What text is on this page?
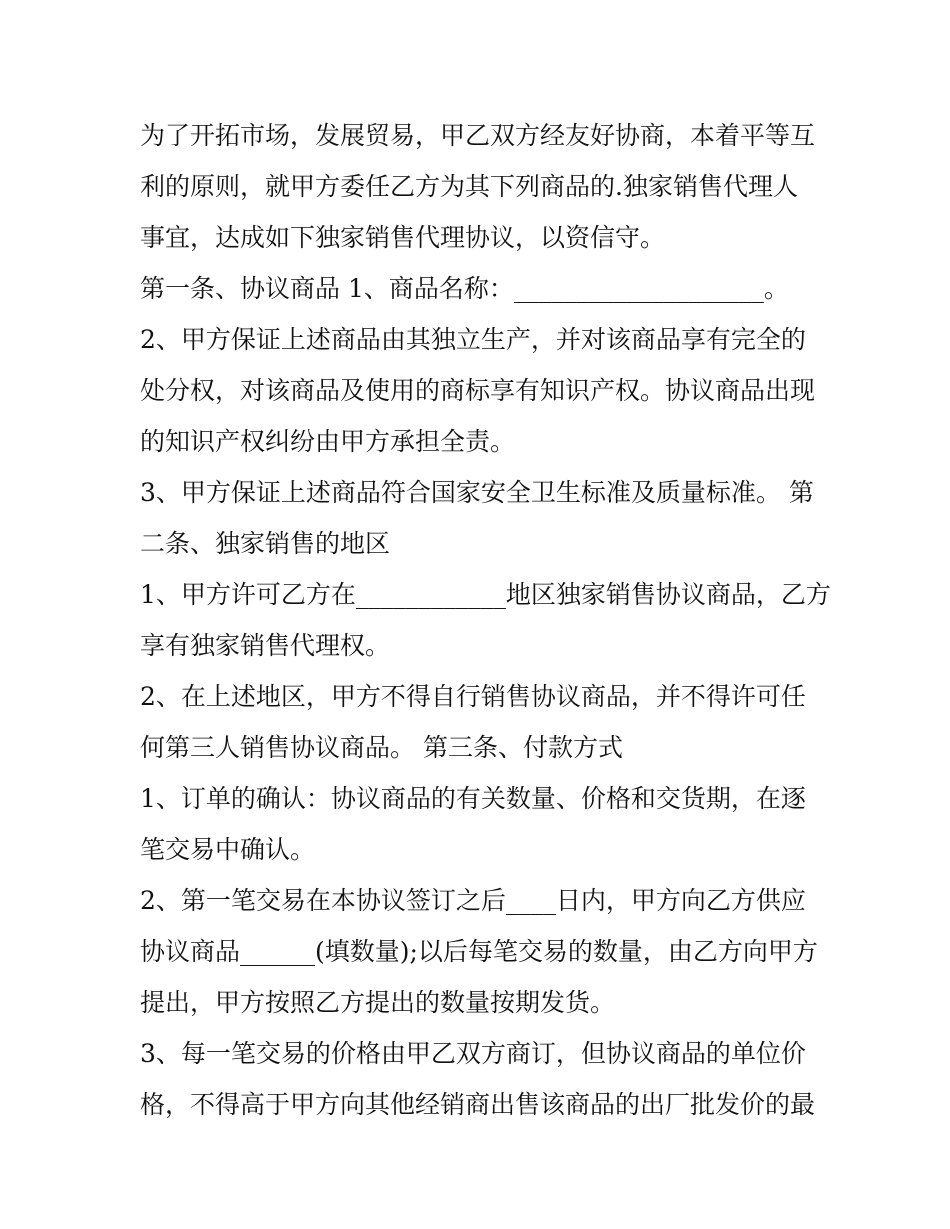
为了开拓市场，发展贸易，甲乙双方经友好协商，本着平等互
利的原则，就甲方委任乙方为其下列商品的.独家销售代理人
事宜，达成如下独家销售代理协议，以资信守。
第一条、协议商品 1、商品名称：____________________。
2、甲方保证上述商品由其独立生产，并对该商品享有完全的
处分权，对该商品及使用的商标享有知识产权。协议商品出现
的知识产权纠纷由甲方承担全责。
3、甲方保证上述商品符合国家安全卫生标准及质量标准。 第
二条、独家销售的地区
1、甲方许可乙方在____________地区独家销售协议商品，乙方
享有独家销售代理权。
2、在上述地区，甲方不得自行销售协议商品，并不得许可任
何第三人销售协议商品。 第三条、付款方式
1、订单的确认：协议商品的有关数量、价格和交货期，在逐
笔交易中确认。
2、第一笔交易在本协议签订之后____日内，甲方向乙方供应
协议商品______(填数量);以后每笔交易的数量，由乙方向甲方
提出，甲方按照乙方提出的数量按期发货。
3、每一笔交易的价格由甲乙双方商订，但协议商品的单位价
格，不得高于甲方向其他经销商出售该商品的出厂批发价的最
